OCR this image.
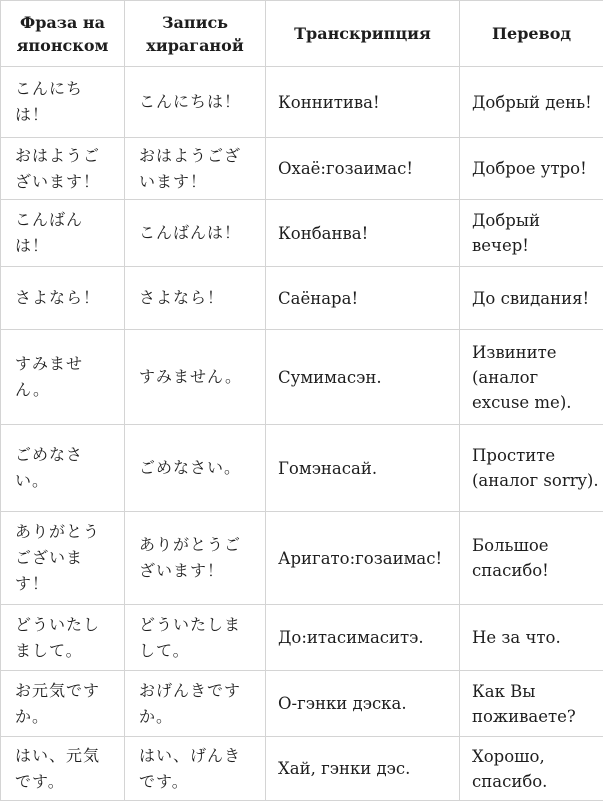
Фраза на японском	Запись хираганой	Транскрипция	Перевод
こんにちは！	こんにちは！	Коннитива!	Добрый день!
おはようございます！	おはようございます！	Охаё:гозаимас!	Доброе утро!
こんばんは！	こんばんは！	Конбанва!	Добрый вечер!
さよなら！	さよなら！	Саёнара!	До свидания!
すみません。	すみません。	Сумимасэн.	Извините (аналог excuse me).
ごめなさい。	ごめなさい。	Гомэнасай.	Простите (аналог sorry).
ありがとうございます！	ありがとうございます！	Аригато:гозаимас!	Большое спасибо!
どういたしまして。	どういたしまして。	До:итасимаситэ.	Не за что.
お元気ですか。	おげんきですか。	О-гэнки дэска.	Как Вы поживаете?
はい、元気です。	はい、げんきです。	Хай, гэнки дэс.	Хорошо, спасибо.
